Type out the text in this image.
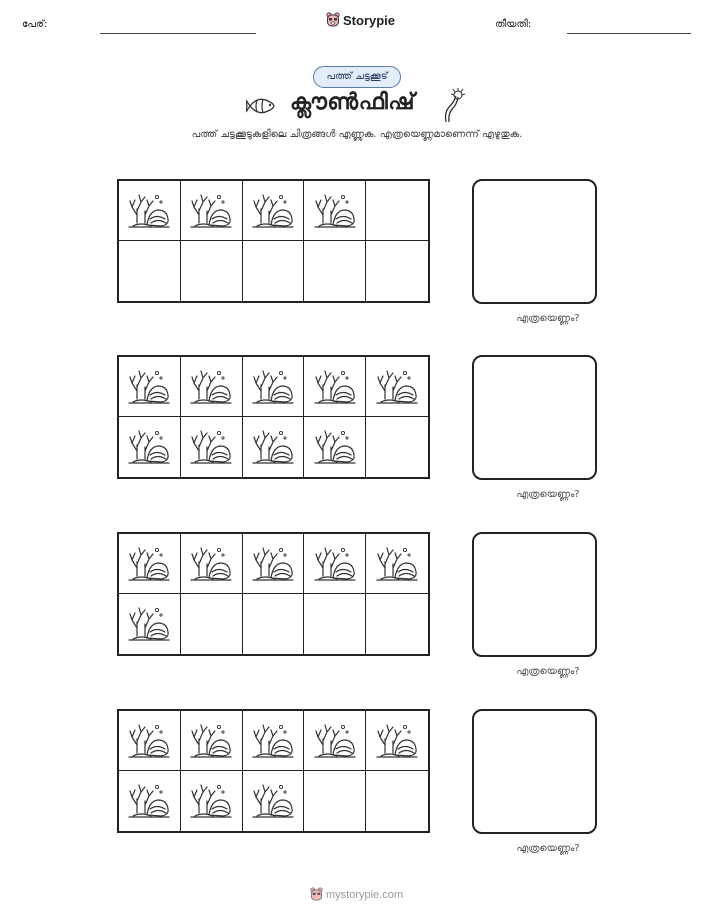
പേര്:	Storypie	തീയതി:
പത്ത് ചട്ടക്കൂട്
ക്ലൗൺഫിഷ്
പത്ത് ചട്ടക്കൂടുകളിലെ ചിത്രങ്ങൾ എണ്ണുക. എത്രയെണ്ണമാണെന്ന് എഴുതുക.
എത്രയെണ്ണം?
എത്രയെണ്ണം?
എത്രയെണ്ണം?
എത്രയെണ്ണം?
mystorypie.com
